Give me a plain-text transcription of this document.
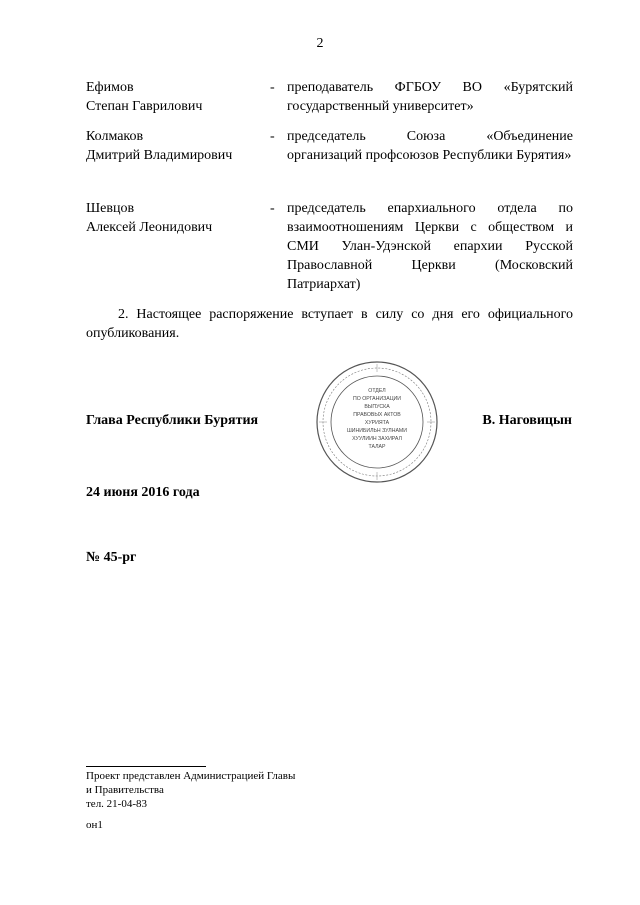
2
Ефимов
Степан Гаврилович
- преподаватель ФГБОУ ВО «Бурятский государственный университет»
Колмаков
Дмитрий Владимирович
- председатель Союза «Объединение организаций профсоюзов Республики Бурятия»
Шевцов
Алексей Леонидович
- председатель епархиального отдела по взаимоотношениям Церкви с обществом и СМИ Улан-Удэнской епархии Русской Православной Церкви (Московский Патриархат)
2. Настоящее распоряжение вступает в силу со дня его официального опубликования.
ОТДЕЛ
ПО ОРГАНИЗАЦИИ
ВЫПУСКА
ПРАВОВЫХ АКТОВ
ХУРИЯТА
ШИНИБИЛЬН ЗУЛНАМИ
ХУУЛИИН ЗАХИРАЛ
ТАЛАР
Глава Республики Бурятия	В. Наговицын
24 июня 2016 года
№ 45-рг
Проект представлен Администрацией Главы
и Правительства
тел. 21-04-83
он1
